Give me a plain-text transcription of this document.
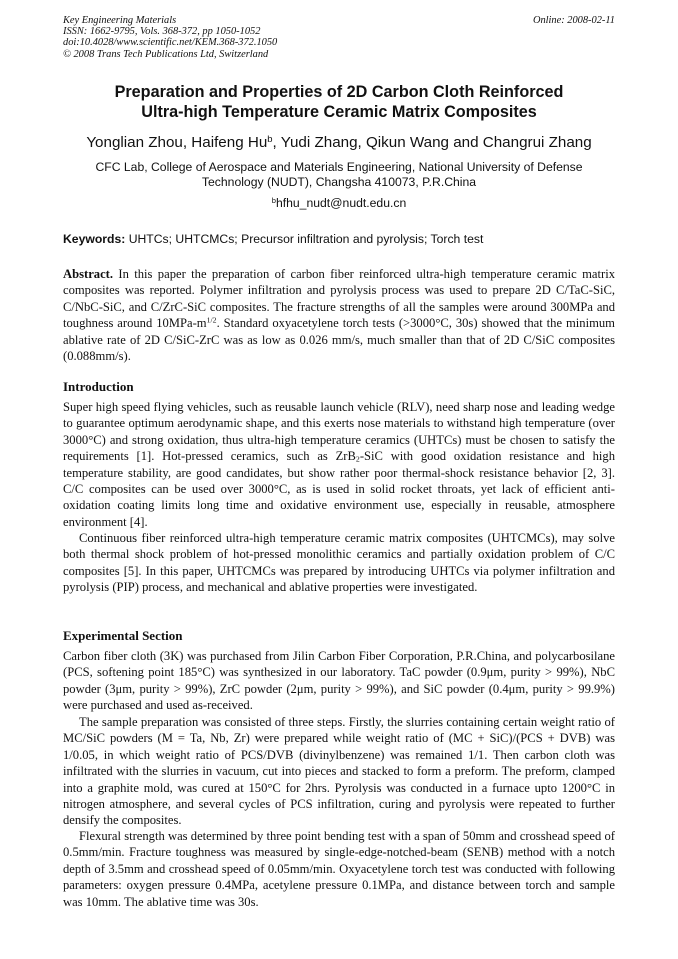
Key Engineering Materials
ISSN: 1662-9795, Vols. 368-372, pp 1050-1052
doi:10.4028/www.scientific.net/KEM.368-372.1050
© 2008 Trans Tech Publications Ltd, Switzerland
Online: 2008-02-11
Preparation and Properties of 2D Carbon Cloth Reinforced
Ultra-high Temperature Ceramic Matrix Composites
Yonglian Zhou, Haifeng Hu$^b$, Yudi Zhang, Qikun Wang and Changrui Zhang
CFC Lab, College of Aerospace and Materials Engineering, National University of Defense
Technology (NUDT), Changsha 410073, P.R.China
$^b$hfhu_nudt@nudt.edu.cn
Keywords: UHTCs; UHTCMCs; Precursor infiltration and pyrolysis; Torch test
Abstract. In this paper the preparation of carbon fiber reinforced ultra-high temperature ceramic matrix composites was reported. Polymer infiltration and pyrolysis process was used to prepare 2D C/TaC-SiC, C/NbC-SiC, and C/ZrC-SiC composites. The fracture strengths of all the samples were around 300MPa and toughness around $10MPa-m^{1/2}$. Standard oxyacetylene torch tests (>3000°C, 30s) showed that the minimum ablative rate of 2D C/SiC-ZrC was as low as 0.026 mm/s, much smaller than that of 2D C/SiC composites (0.088mm/s).
Introduction
Super high speed flying vehicles, such as reusable launch vehicle (RLV), need sharp nose and leading wedge to guarantee optimum aerodynamic shape, and this exerts nose materials to withstand high temperature (over 3000°C) and strong oxidation, thus ultra-high temperature ceramics (UHTCs) must be chosen to satisfy the requirements [1]. Hot-pressed ceramics, such as ZrB$_2$-SiC with good oxidation resistance and high temperature stability, are good candidates, but show rather poor thermal-shock resistance behavior [2, 3]. C/C composites can be used over 3000°C, as is used in solid rocket throats, yet lack of efficient anti-oxidation coating limits long time and oxidative environment use, especially in reusable, atmosphere environment [4].
Continuous fiber reinforced ultra-high temperature ceramic matrix composites (UHTCMCs), may solve both thermal shock problem of hot-pressed monolithic ceramics and partially oxidation problem of C/C composites [5]. In this paper, UHTCMCs was prepared by introducing UHTCs via polymer infiltration and pyrolysis (PIP) process, and mechanical and ablative properties were investigated.
Experimental Section
Carbon fiber cloth (3K) was purchased from Jilin Carbon Fiber Corporation, P.R.China, and polycarbosilane (PCS, softening point 185°C) was synthesized in our laboratory. TaC powder (0.9μm, purity > 99%), NbC powder (3μm, purity > 99%), ZrC powder (2μm, purity > 99%), and SiC powder (0.4μm, purity > 99.9%) were purchased and used as-received.
The sample preparation was consisted of three steps. Firstly, the slurries containing certain weight ratio of MC/SiC powders (M = Ta, Nb, Zr) were prepared while weight ratio of (MC + SiC)/(PCS + DVB) was 1/0.05, in which weight ratio of PCS/DVB (divinylbenzene) was remained 1/1. Then carbon cloth was infiltrated with the slurries in vacuum, cut into pieces and stacked to form a preform. The preform, clamped into a graphite mold, was cured at 150°C for 2hrs. Pyrolysis was conducted in a furnace upto 1200°C in nitrogen atmosphere, and several cycles of PCS infiltration, curing and pyrolysis were repeated to further densify the composites.
Flexural strength was determined by three point bending test with a span of 50mm and crosshead speed of 0.5mm/min. Fracture toughness was measured by single-edge-notched-beam (SENB) method with a notch depth of 3.5mm and crosshead speed of 0.05mm/min. Oxyacetylene torch test was conducted with following parameters: oxygen pressure 0.4MPa, acetylene pressure 0.1MPa, and distance between torch and sample was 10mm. The ablative time was 30s.
